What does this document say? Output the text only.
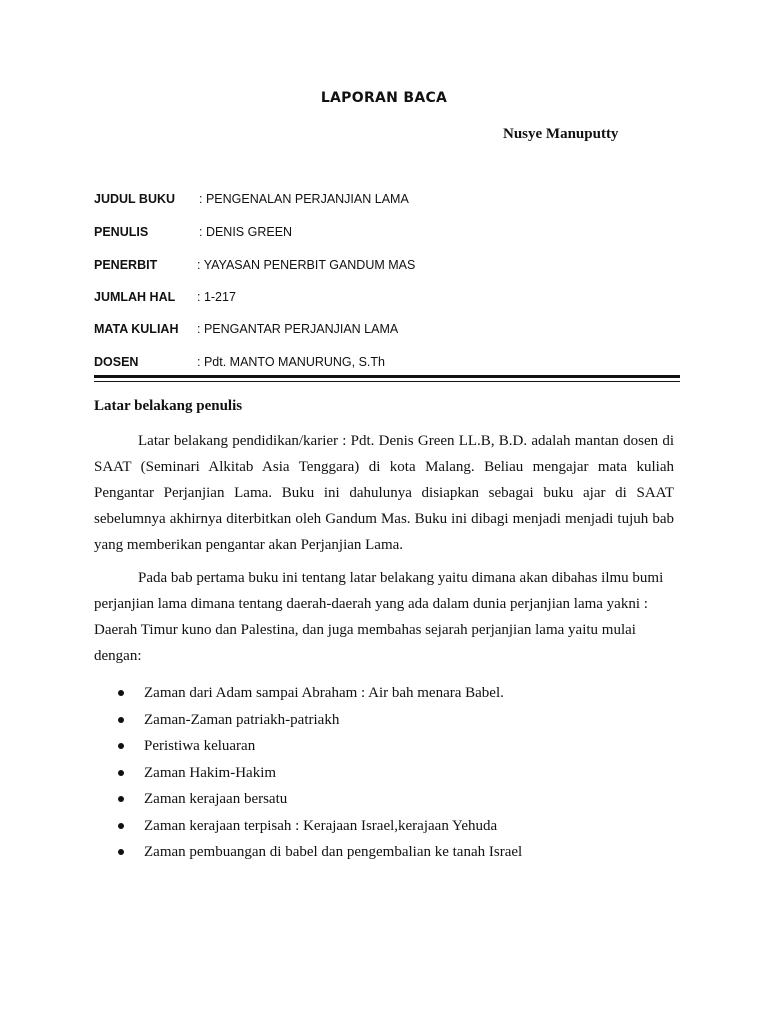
LAPORAN BACA
Nusye Manuputty
JUDUL BUKU : PENGENALAN PERJANJIAN LAMA
PENULIS	: DENIS GREEN
PENERBIT	: YAYASAN PENERBIT GANDUM MAS
JUMLAH HAL : 1-217
MATA KULIAH : PENGANTAR PERJANJIAN LAMA
DOSEN	: Pdt. MANTO MANURUNG, S.Th
Latar belakang penulis

Latar belakang pendidikan/karier : Pdt. Denis Green LL.B, B.D. adalah mantan dosen di SAAT (Seminari Alkitab Asia Tenggara) di kota Malang. Beliau mengajar mata kuliah Pengantar Perjanjian Lama. Buku ini dahulunya disiapkan sebagai buku ajar di SAAT sebelumnya akhirnya diterbitkan oleh Gandum Mas. Buku ini dibagi menjadi menjadi tujuh bab yang memberikan pengantar akan Perjanjian Lama.

Pada bab pertama buku ini tentang latar belakang yaitu dimana akan dibahas ilmu bumi perjanjian lama dimana tentang daerah-daerah yang ada dalam dunia perjanjian lama yakni : Daerah Timur kuno dan Palestina, dan juga membahas sejarah perjanjian lama yaitu mulai dengan:

Zaman dari Adam sampai Abraham : Air bah menara Babel.
Zaman-Zaman patriakh-patriakh
Peristiwa keluaran
Zaman Hakim-Hakim
Zaman kerajaan bersatu
Zaman kerajaan terpisah : Kerajaan Israel,kerajaan Yehuda
Zaman pembuangan di babel dan pengembalian ke tanah Israel
